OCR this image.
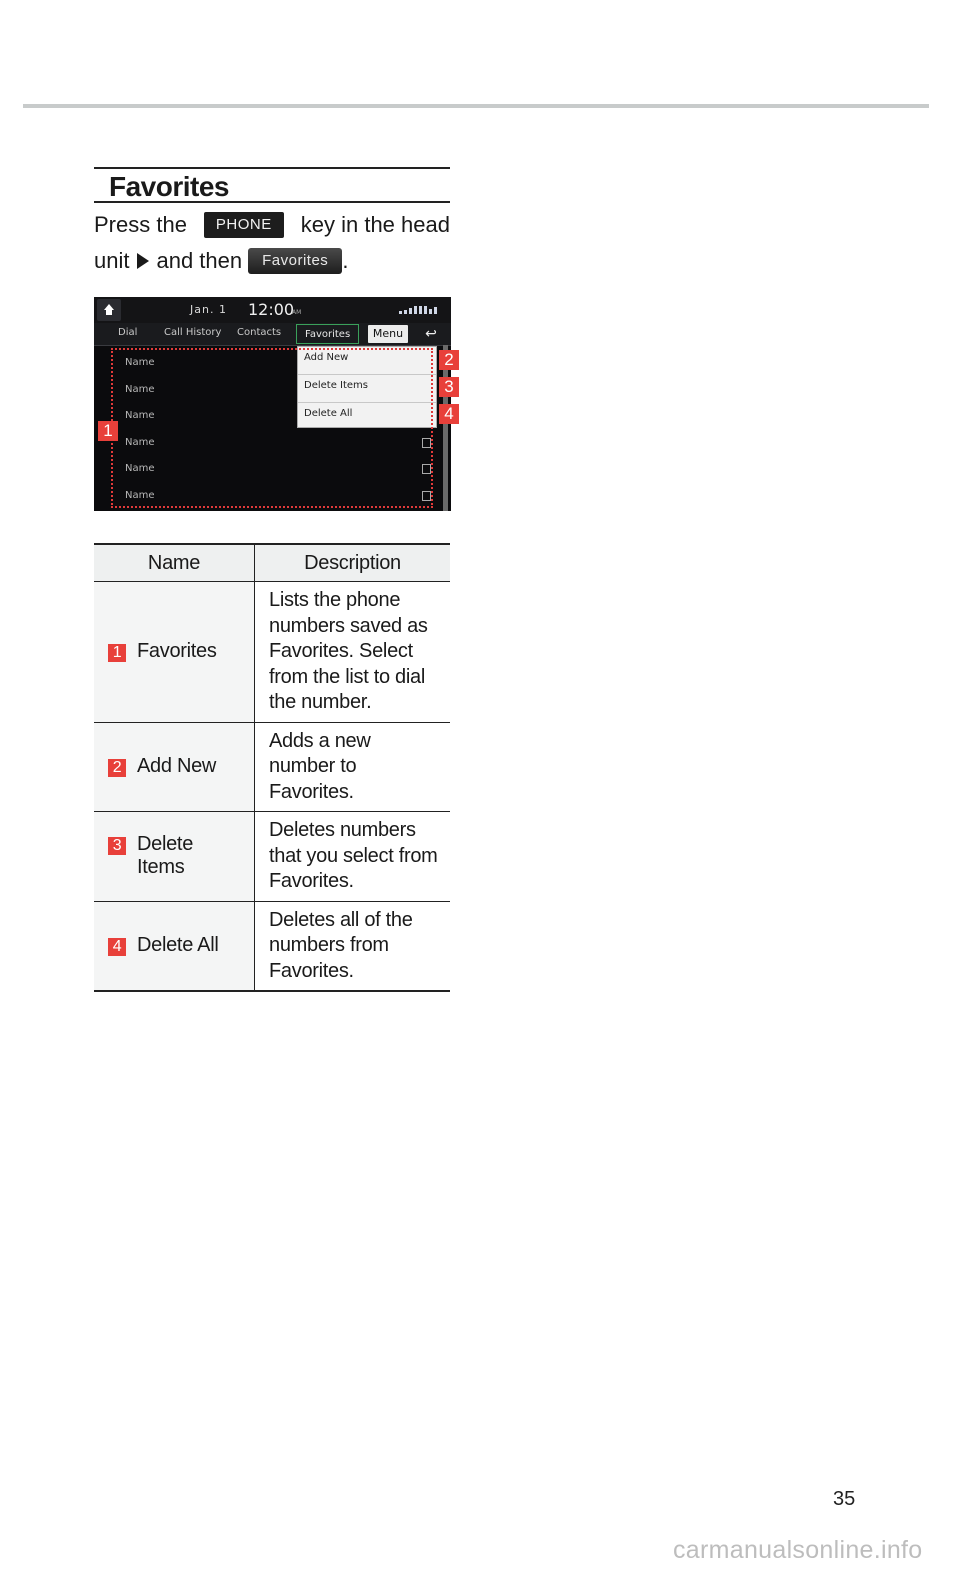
Favorites
Press the	PHONE	key in the head
unit and then	Favorites .
Jan. 1 12:00
AM
Dial	Call History Contacts	Favorites	Menu	↩
Name
Name
Name
Name
Name
Name
Add New
Delete Items
Delete All
1
2
3
4
Name	Description

1 Favorites	Lists the phone numbers saved as Favorites. Select from the list to dial the number.

2 Add New	Adds a new number to Favorites.

3 Delete Items	Deletes numbers that you select from Favorites.

4 Delete All	Deletes all of the numbers from Favorites.
35
carmanualsonline.info
